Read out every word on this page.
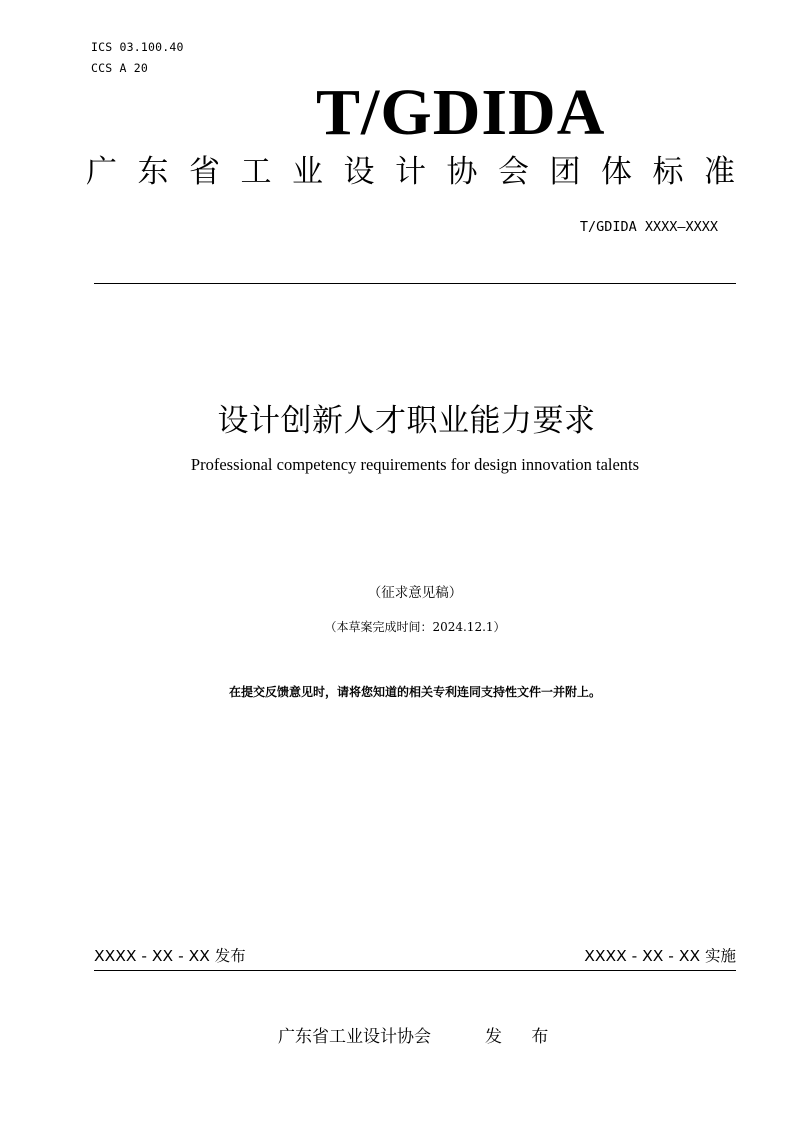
ICS 03.100.40
CCS A 20
T/GDIDA
广东省工业设计协会团体标准
T/GDIDA XXXX—XXXX
设计创新人才职业能力要求
Professional competency requirements for design innovation talents
（征求意见稿）
（本草案完成时间：2024.12.1）
在提交反馈意见时，请将您知道的相关专利连同支持性文件一并附上。
XXXX - XX - XX 发布	XXXX - XX - XX 实施
广东省工业设计协会	发 布
